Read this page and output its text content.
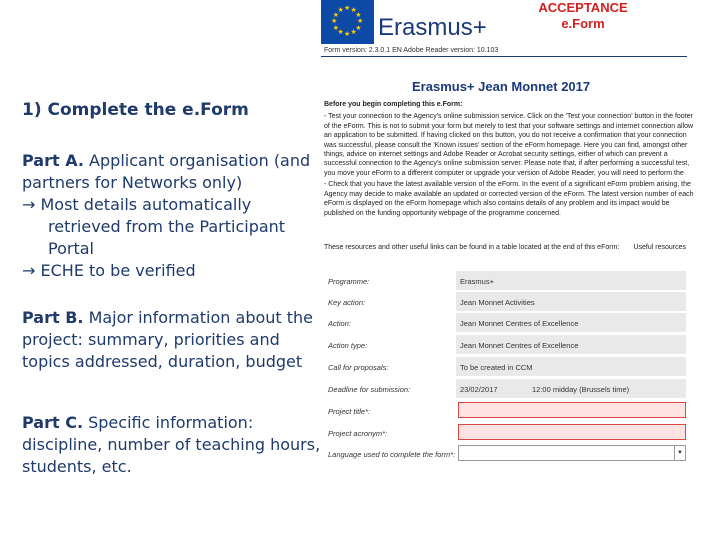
★ ★
★
★
★
★
★
★
★
★
★
★
Erasmus+
Form version: 2.3.0.1 EN Adobe Reader version: 10.103
ACCEPTANCE
e.Form
Erasmus+ Jean Monnet 2017
1) Complete the e.Form
Part A. Applicant organisation (and partners for Networks only)
→ Most details automatically retrieved from the Participant Portal
→ ECHE to be verified
Part B. Major information about the project: summary, priorities and topics addressed, duration, budget
Part C. Specific information: discipline, number of teaching hours, students, etc.
Before you begin completing this e.Form:

- Test your connection to the Agency's online submission service. Click on the 'Test your connection' button in the footer of the eForm. This is not to submit your form but merely to test that your software settings and internet connection allow an application to be submitted. If having clicked on this button, you do not receive a confirmation that your connection was successful, please consult the 'Known issues' section of the eForm homepage. Here you can find, amongst other things, advice on internet settings and Adobe Reader or Acrobat security settings, either of which can prevent a successful connection to the Agency's online submission server. Please note that, if after performing a successful test, you move your eForm to a different computer or upgrade your version of Adobe Reader, you will need to perform the

- Check that you have the latest available version of the eForm. In the event of a significant eForm problem arising, the Agency may decide to make available an updated or corrected version of the eForm. The latest version number of each eForm is displayed on the eForm homepage which also contains details of any problem and its impact would be published on the funding opportunity webpage of the programme concerned.

These resources and other useful links can be found in a table located at the end of this eForm: Useful resources
Programme:	Erasmus+
Key action:	Jean Monnet Activities
Action:	Jean Monnet Centres of Excellence
Action type:	Jean Monnet Centres of Excellence
Call for proposals:	To be created in CCM
Deadline for submission:	23/02/2017	12:00 midday (Brussels time)
Project title*:
Project acronym*:
Language used to complete the form*:	▼
